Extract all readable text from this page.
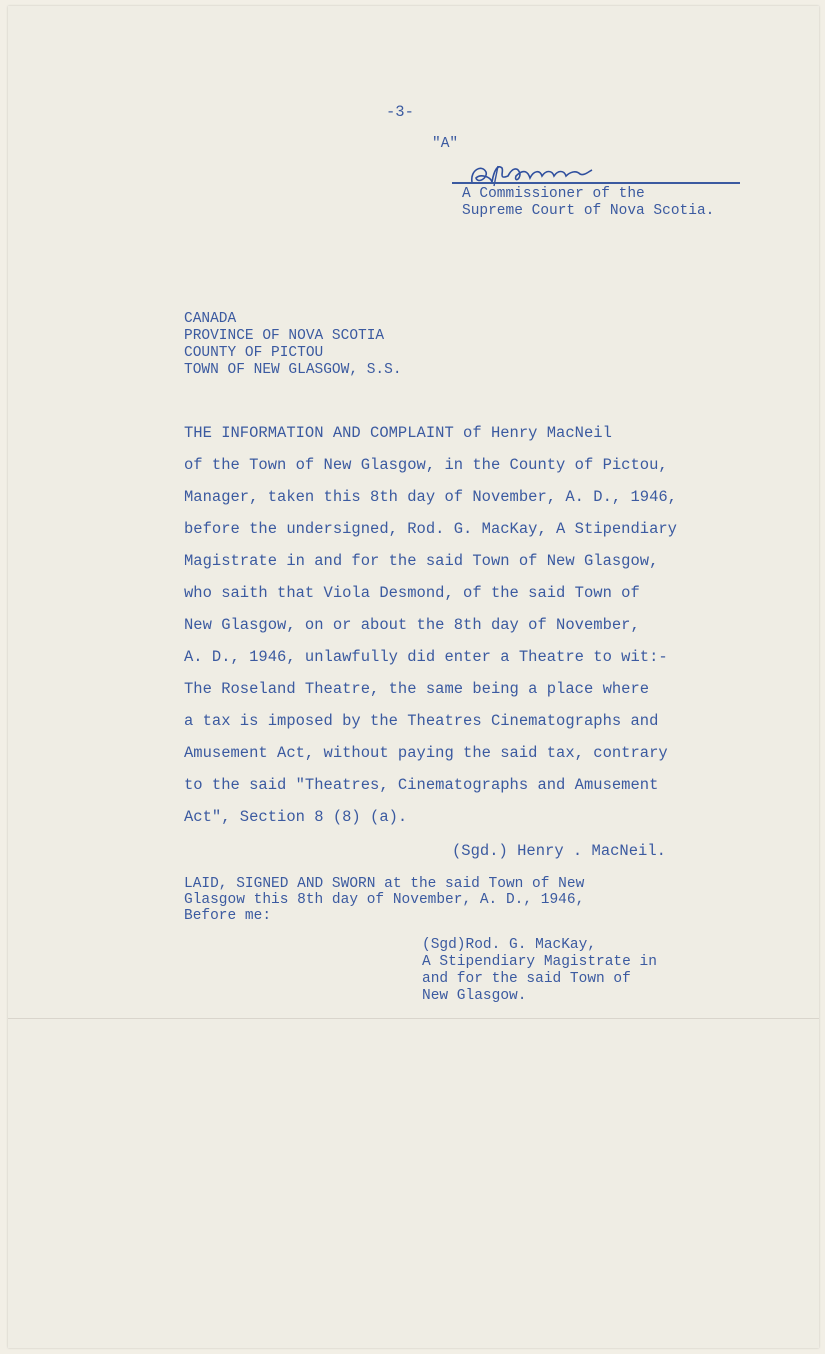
-3-

"A"

A Commissioner of the

Supreme Court of Nova Scotia.

CANADA

PROVINCE OF NOVA SCOTIA

COUNTY OF PICTOU

TOWN OF NEW GLASGOW, S.S.

THE INFORMATION AND COMPLAINT of Henry MacNeil

of the Town of New Glasgow, in the County of Pictou,

Manager, taken this 8th day of November, A. D., 1946,

before the undersigned, Rod. G. MacKay, A Stipendiary

Magistrate in and for the said Town of New Glasgow,

who saith that Viola Desmond, of the said Town of

New Glasgow, on or about the 8th day of November,

A. D., 1946, unlawfully did enter a Theatre to wit:-

The Roseland Theatre, the same being a place where

a tax is imposed by the Theatres Cinematographs and

Amusement Act, without paying the said tax, contrary

to the said "Theatres, Cinematographs and Amusement

Act", Section 8 (8) (a).

(Sgd.) Henry . MacNeil.

LAID, SIGNED AND SWORN at the said Town of New

Glasgow this 8th day of November, A. D., 1946,

Before me:

(Sgd)Rod. G. MacKay,

A Stipendiary Magistrate in

and for the said Town of

New Glasgow.
